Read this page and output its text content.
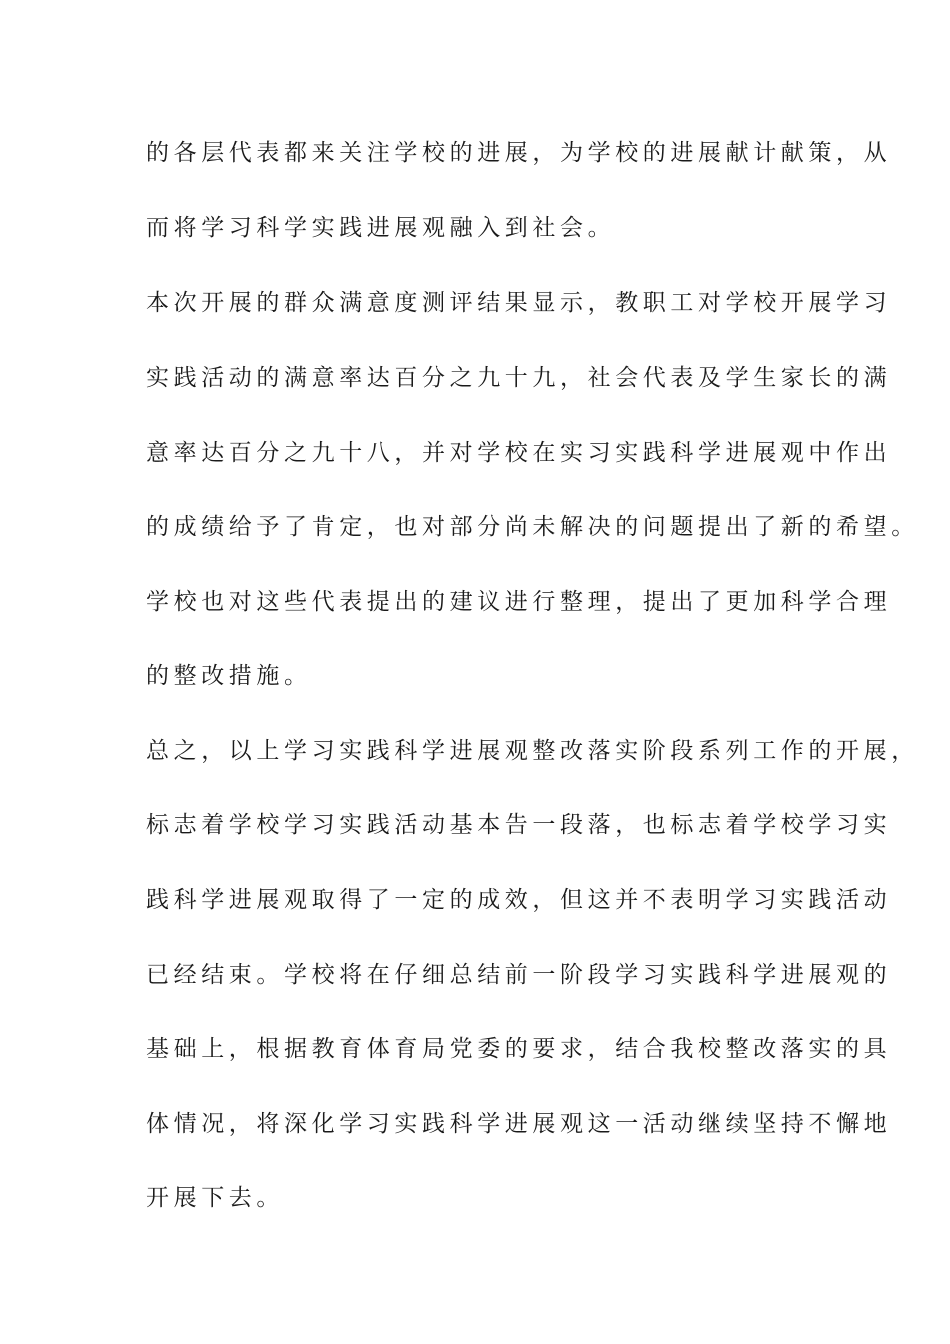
的各层代表都来关注学校的进展，为学校的进展献计献策，从
而将学习科学实践进展观融入到社会。
本次开展的群众满意度测评结果显示，教职工对学校开展学习
实践活动的满意率达百分之九十九，社会代表及学生家长的满
意率达百分之九十八，并对学校在实习实践科学进展观中作出
的成绩给予了肯定，也对部分尚未解决的问题提出了新的希望。
学校也对这些代表提出的建议进行整理，提出了更加科学合理
的整改措施。
总之，以上学习实践科学进展观整改落实阶段系列工作的开展，
标志着学校学习实践活动基本告一段落，也标志着学校学习实
践科学进展观取得了一定的成效，但这并不表明学习实践活动
已经结束。学校将在仔细总结前一阶段学习实践科学进展观的
基础上，根据教育体育局党委的要求，结合我校整改落实的具
体情况，将深化学习实践科学进展观这一活动继续坚持不懈地
开展下去。
